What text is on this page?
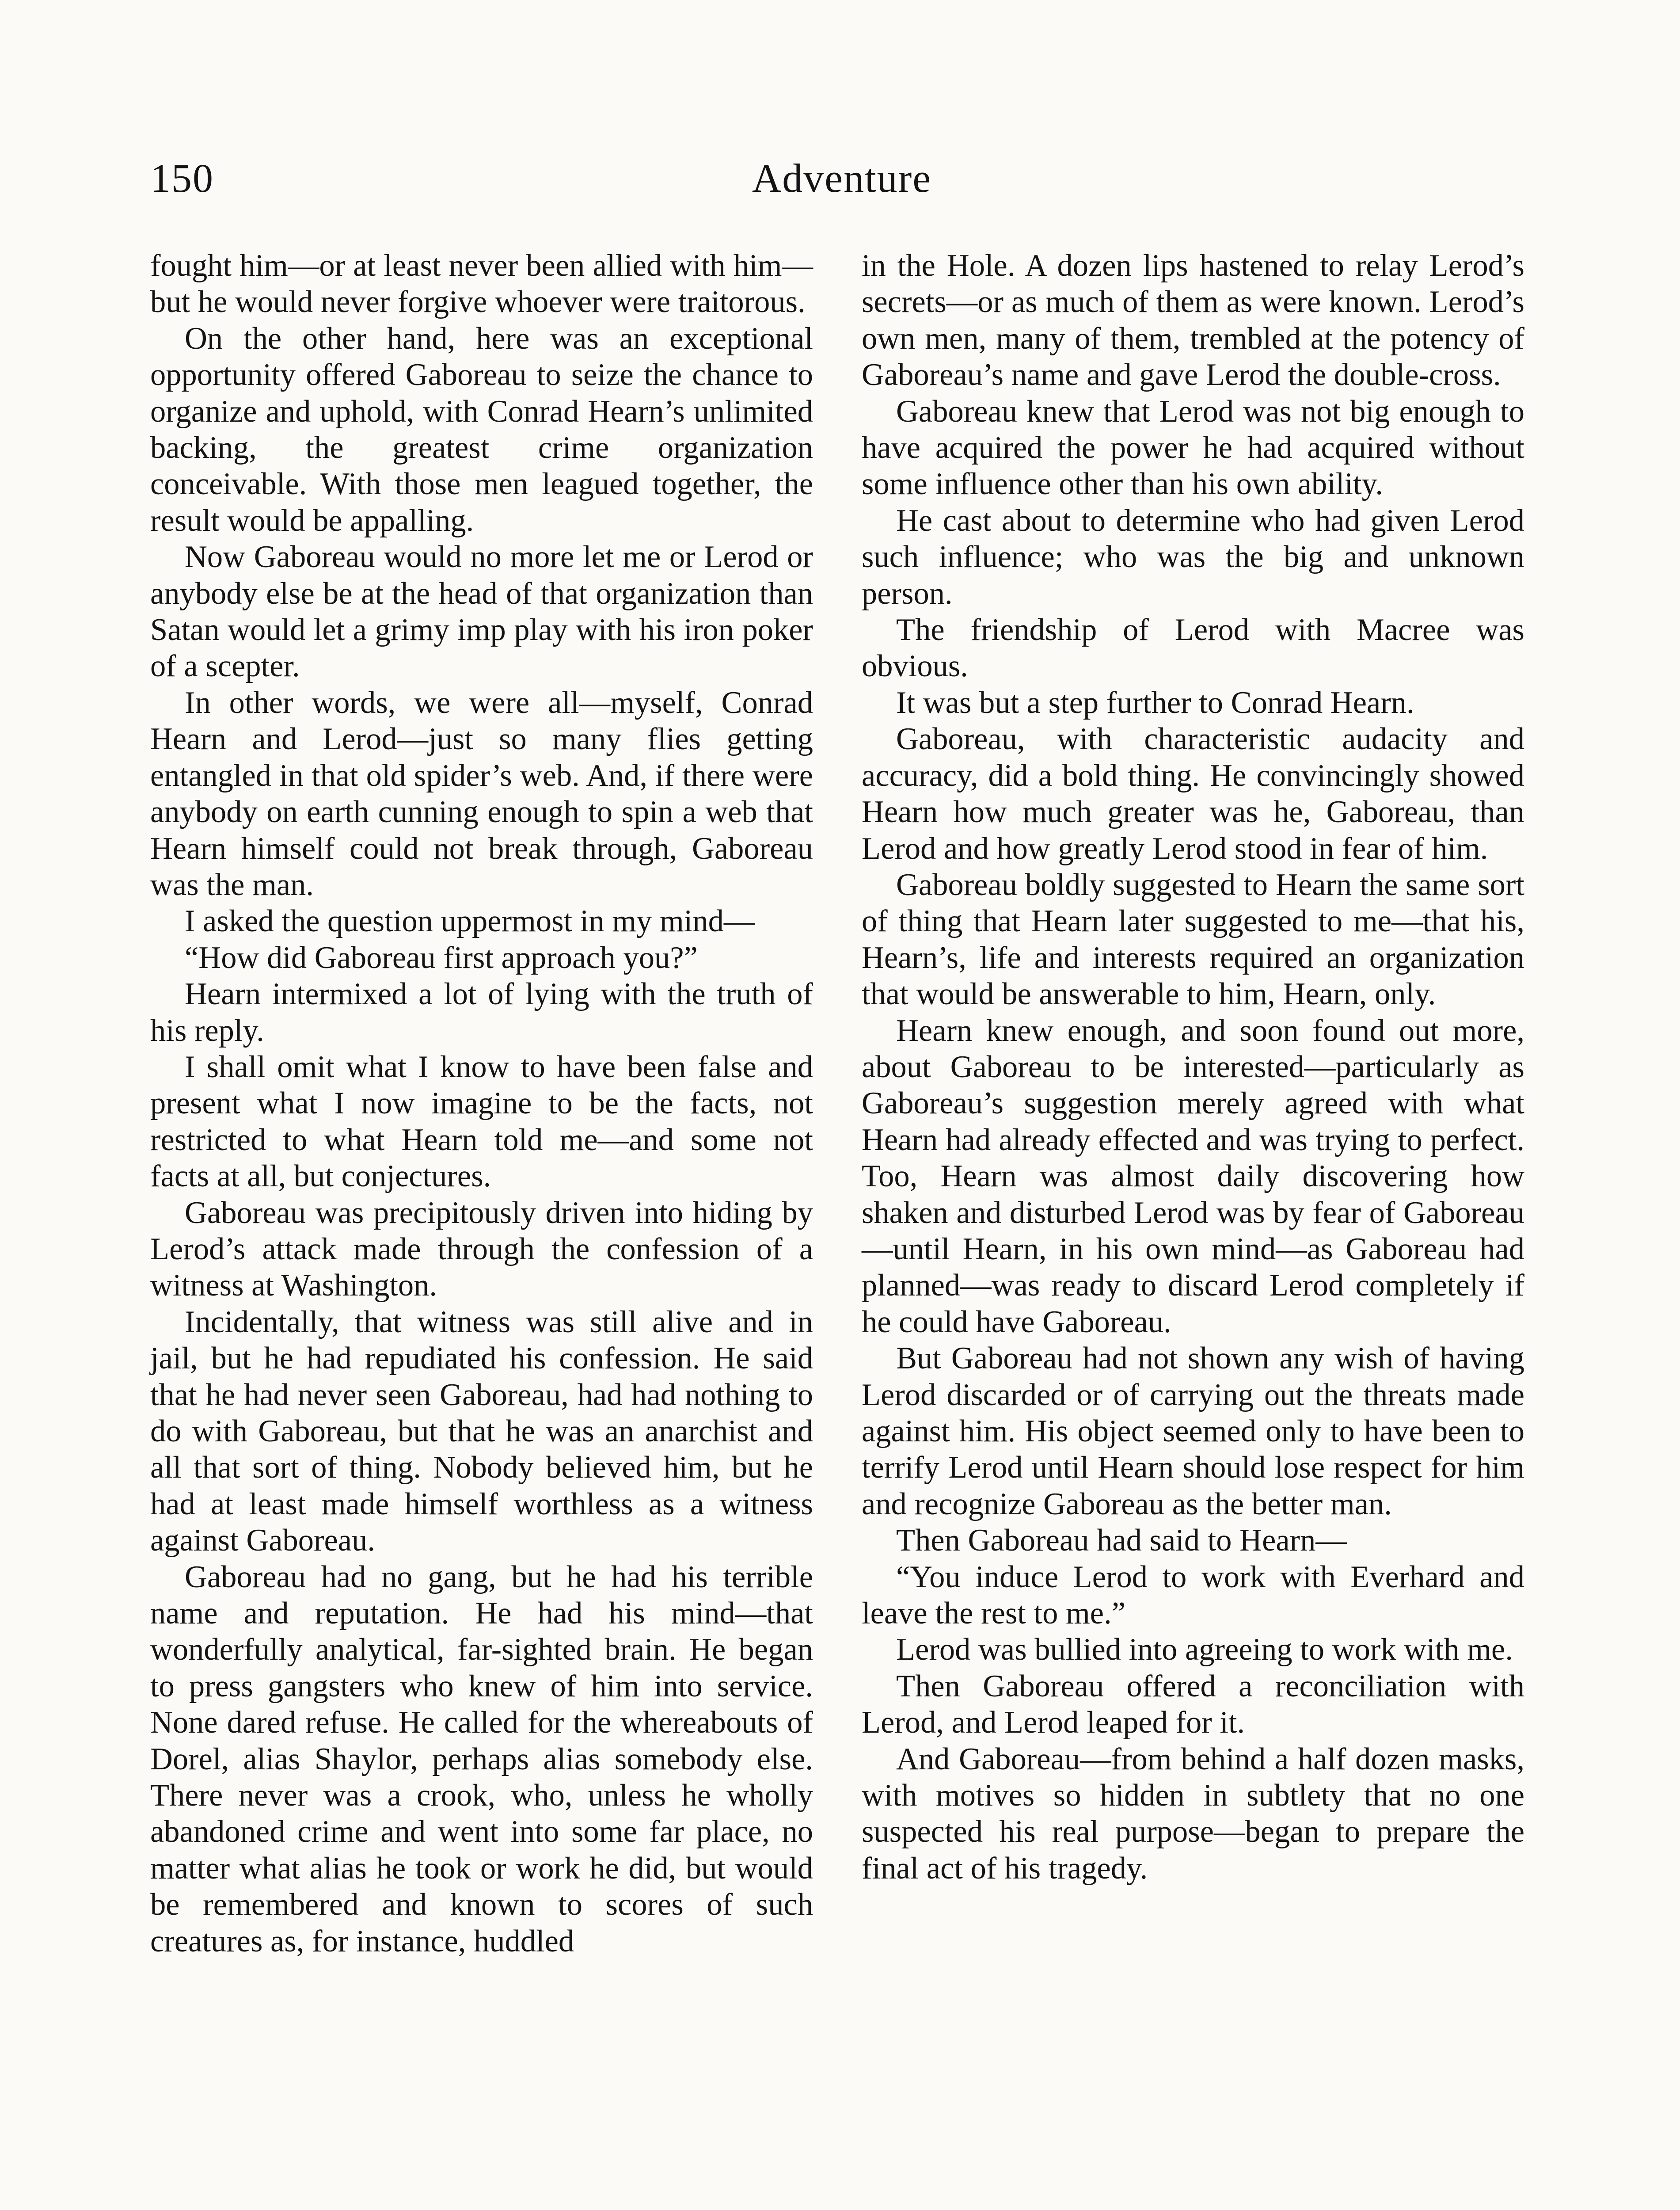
150	Adventure

fought him—or at least never been allied with him—but he would never forgive whoever were traitorous.

On the other hand, here was an exceptional opportunity offered Gaboreau to seize the chance to organize and uphold, with Conrad Hearn’s unlimited backing, the greatest crime organization conceivable. With those men leagued together, the result would be appalling.

Now Gaboreau would no more let me or Lerod or anybody else be at the head of that organization than Satan would let a grimy imp play with his iron poker of a scepter.

In other words, we were all—myself, Conrad Hearn and Lerod—just so many flies getting entangled in that old spider’s web. And, if there were anybody on earth cunning enough to spin a web that Hearn himself could not break through, Gaboreau was the man.

I asked the question uppermost in my mind—

“How did Gaboreau first approach you?”

Hearn intermixed a lot of lying with the truth of his reply.

I shall omit what I know to have been false and present what I now imagine to be the facts, not restricted to what Hearn told me—and some not facts at all, but conjectures.

Gaboreau was precipitously driven into hiding by Lerod’s attack made through the confession of a witness at Washington.

Incidentally, that witness was still alive and in jail, but he had repudiated his confession. He said that he had never seen Gaboreau, had had nothing to do with Gaboreau, but that he was an anarchist and all that sort of thing. Nobody believed him, but he had at least made himself worthless as a witness against Gaboreau.

Gaboreau had no gang, but he had his terrible name and reputation. He had his mind—that wonderfully analytical, far-sighted brain. He began to press gangsters who knew of him into service. None dared refuse. He called for the whereabouts of Dorel, alias Shaylor, perhaps alias somebody else. There never was a crook, who, unless he wholly abandoned crime and went into some far place, no matter what alias he took or work he did, but would be remembered and known to scores of such creatures as, for instance, huddled

in the Hole. A dozen lips hastened to relay Lerod’s secrets—or as much of them as were known. Lerod’s own men, many of them, trembled at the potency of Gaboreau’s name and gave Lerod the double-cross.

Gaboreau knew that Lerod was not big enough to have acquired the power he had acquired without some influence other than his own ability.

He cast about to determine who had given Lerod such influence; who was the big and unknown person.

The friendship of Lerod with Macree was obvious.

It was but a step further to Conrad Hearn.

Gaboreau, with characteristic audacity and accuracy, did a bold thing. He convincingly showed Hearn how much greater was he, Gaboreau, than Lerod and how greatly Lerod stood in fear of him.

Gaboreau boldly suggested to Hearn the same sort of thing that Hearn later suggested to me—that his, Hearn’s, life and interests required an organization that would be answerable to him, Hearn, only.

Hearn knew enough, and soon found out more, about Gaboreau to be interested—particularly as Gaboreau’s suggestion merely agreed with what Hearn had already effected and was trying to perfect. Too, Hearn was almost daily discovering how shaken and disturbed Lerod was by fear of Gaboreau—until Hearn, in his own mind—as Gaboreau had planned—was ready to discard Lerod completely if he could have Gaboreau.

But Gaboreau had not shown any wish of having Lerod discarded or of carrying out the threats made against him. His object seemed only to have been to terrify Lerod until Hearn should lose respect for him and recognize Gaboreau as the better man.

Then Gaboreau had said to Hearn—

“You induce Lerod to work with Everhard and leave the rest to me.”

Lerod was bullied into agreeing to work with me.

Then Gaboreau offered a reconciliation with Lerod, and Lerod leaped for it.

And Gaboreau—from behind a half dozen masks, with motives so hidden in subtlety that no one suspected his real purpose—began to prepare the final act of his tragedy.
